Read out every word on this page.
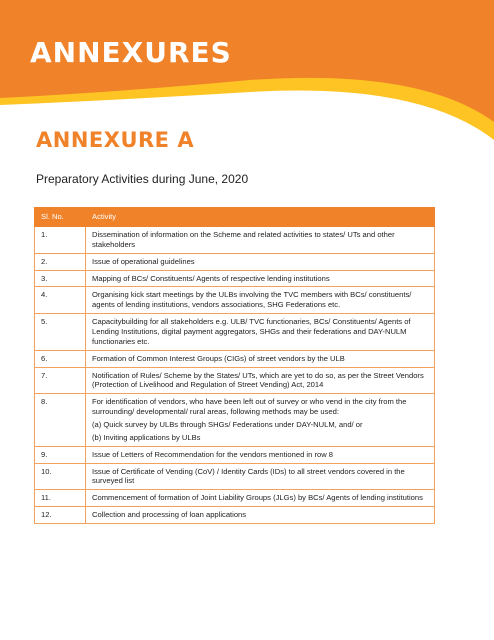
ANNEXURES
ANNEXURE A
Preparatory Activities during June, 2020
Sl. No.	Activity
1.	Dissemination of information on the Scheme and related activities to states/ UTs and other stakeholders
2.	Issue of operational guidelines
3.	Mapping of BCs/ Constituents/ Agents of respective lending institutions
4.	Organising kick start meetings by the ULBs involving the TVC members with BCs/ constituents/ agents of lending institutions, vendors associations, SHG Federations etc.
5.	Capacitybuilding for all stakeholders e.g. ULB/ TVC functionaries, BCs/ Constituents/ Agents of Lending Institutions, digital payment aggregators, SHGs and their federations and DAY-NULM functionaries etc.
6.	Formation of Common Interest Groups (CIGs) of street vendors by the ULB
7.	Notification of Rules/ Scheme by the States/ UTs, which are yet to do so, as per the Street Vendors (Protection of Livelihood and Regulation of Street Vending) Act, 2014
8.	For identification of vendors, who have been left out of survey or who vend in the city from the surrounding/ developmental/ rural areas, following methods may be used:
(a) Quick survey by ULBs through SHGs/ Federations under DAY-NULM, and/ or
(b) Inviting applications by ULBs

9.	Issue of Letters of Recommendation for the vendors mentioned in row 8
10.	Issue of Certificate of Vending (CoV) / Identity Cards (IDs) to all street vendors covered in the surveyed list
11.	Commencement of formation of Joint Liability Groups (JLGs) by BCs/ Agents of lending institutions
12.	Collection and processing of loan applications
